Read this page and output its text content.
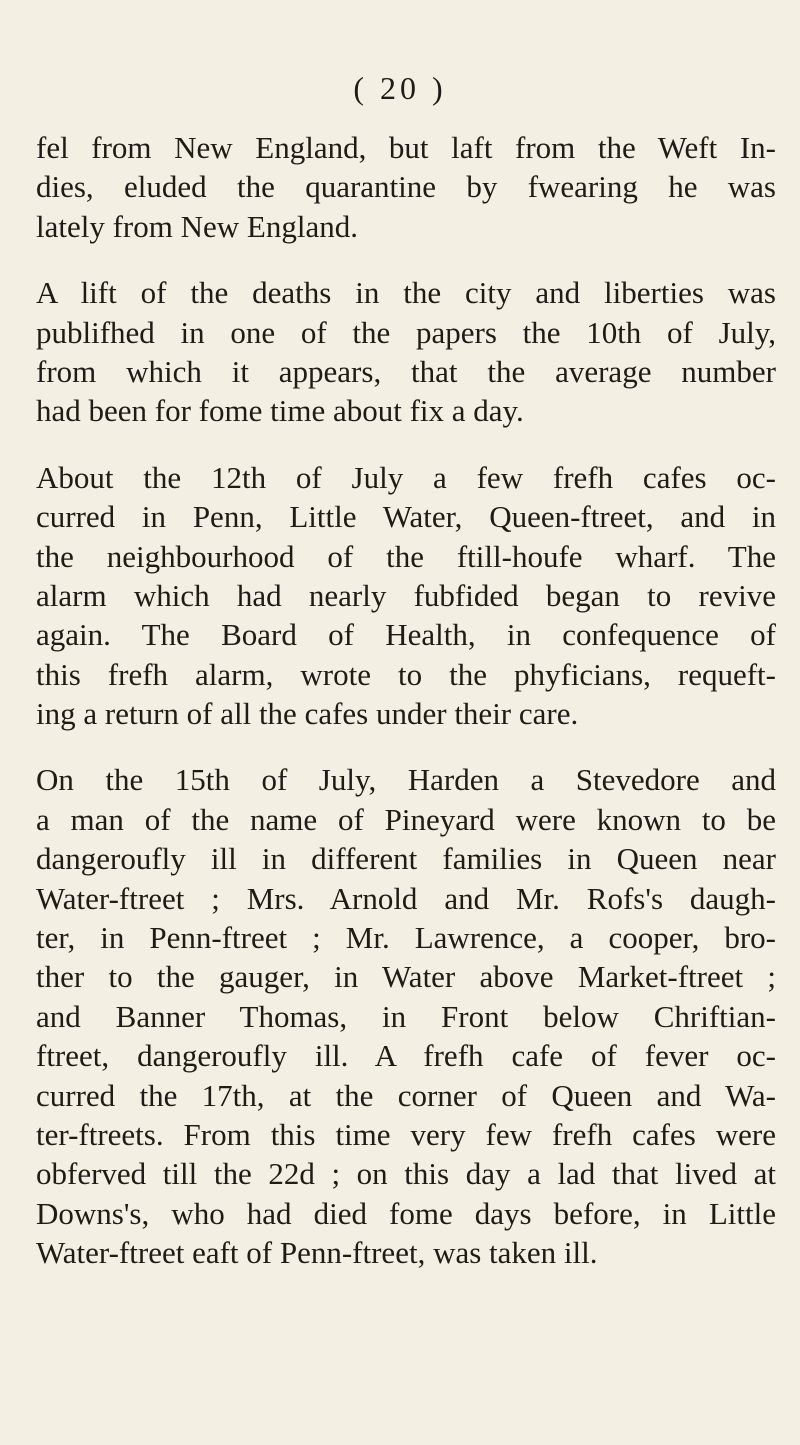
( 20 )
fel from New England, but laft from the Weft In-
dies, eluded the quarantine by fwearing he was
lately from New England.
A lift of the deaths in the city and liberties was
publifhed in one of the papers the 10th of July,
from which it appears, that the average number
had been for fome time about fix a day.
About the 12th of July a few frefh cafes oc-
curred in Penn, Little Water, Queen-ftreet, and in
the neighbourhood of the ftill-houfe wharf. The
alarm which had nearly fubfided began to revive
again. The Board of Health, in confequence of
this frefh alarm, wrote to the phyficians, requeft-
ing a return of all the cafes under their care.
On the 15th of July, Harden a Stevedore and
a man of the name of Pineyard were known to be
dangeroufly ill in different families in Queen near
Water-ftreet ; Mrs. Arnold and Mr. Rofs's daugh-
ter, in Penn-ftreet ; Mr. Lawrence, a cooper, bro-
ther to the gauger, in Water above Market-ftreet ;
and Banner Thomas, in Front below Chriftian-
ftreet, dangeroufly ill. A frefh cafe of fever oc-
curred the 17th, at the corner of Queen and Wa-
ter-ftreets. From this time very few frefh cafes were
obferved till the 22d ; on this day a lad that lived at
Downs's, who had died fome days before, in Little
Water-ftreet eaft of Penn-ftreet, was taken ill.
